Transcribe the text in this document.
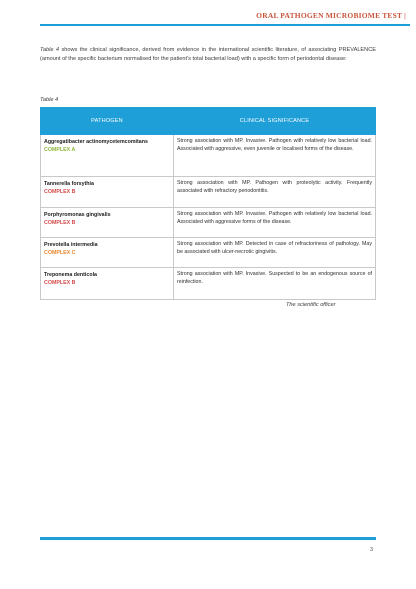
ORAL PATHOGEN MICROBIOME TEST |

Table 4 shows the clinical significance, derived from evidence in the international scientific literature, of associating PREVALENCE (amount of the specific bacterium normalised for the patient's total bacterial load) with a specific form of periodontal disease:

Table 4
PATHOGEN	CLINICAL SIGNIFICANCE

Aggregatibacter actinomycetemcomitans
COMPLEX A	Strong association with MP. Invasive. Pathogen with relatively low bacterial load. Associated with aggressive, even juvenile or localised forms of the disease.

Tannerella forsythia
COMPLEX B	Strong association with MP. Pathogen with proteolytic activity. Frequently associated with refractory periodontitis.

Porphyromonas gingivalis
COMPLEX B	Strong association with MP. Invasive. Pathogen with relatively low bacterial load. Associated with aggressive forms of the disease.

Prevotella intermedia
COMPLEX C	Strong association with MP. Detected in case of refractoriness of pathology. May be associated with ulcer-necrotic gingivitis.

Treponema denticola
COMPLEX B	Strong association with MP. Invasive. Suspected to be an endogenous source of reinfection.
The scientific officer
3
